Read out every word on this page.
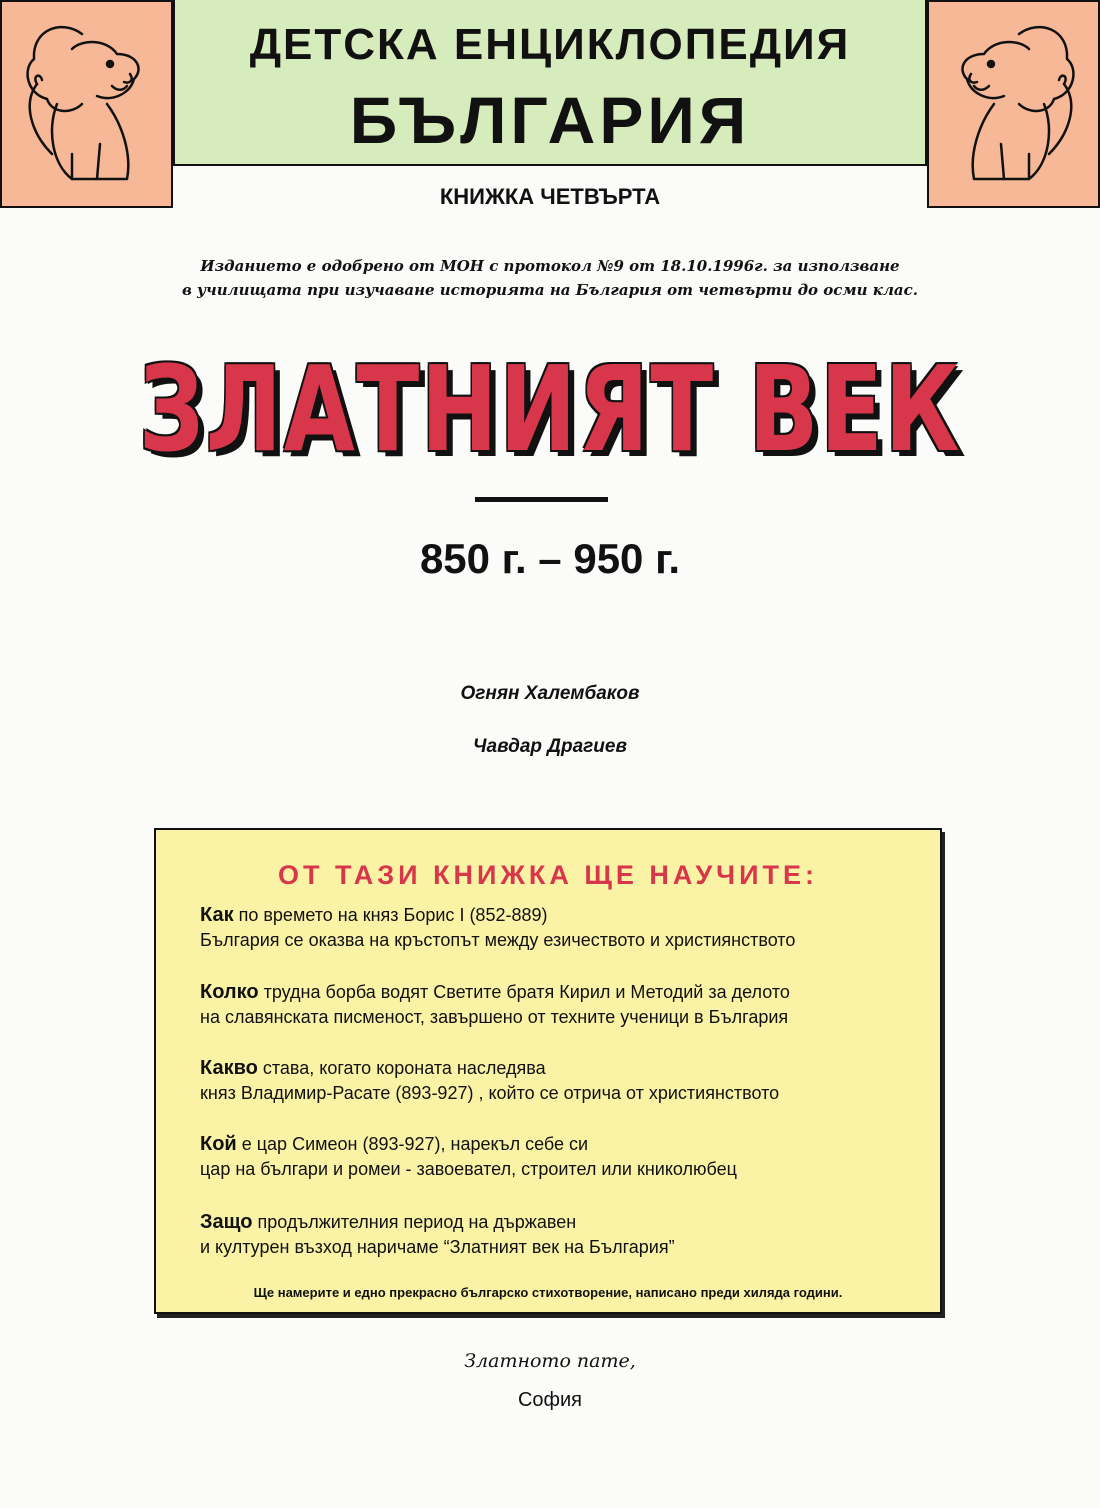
ДЕТСКА ЕНЦИКЛОПЕДИЯ
БЪЛГАРИЯ
КНИЖКА ЧЕТВЪРТА
Изданието е одобрено от МОН с протокол №9 от 18.10.1996г. за използване
в училищата при изучаване историята на България от четвърти до осми клас.
ЗЛАТНИЯТ ВЕК
850 г. – 950 г.
Огнян Халембаков
Чавдар Драгиев
ОТ ТАЗИ КНИЖКА ЩЕ НАУЧИТЕ:
Как по времето на княз Борис I (852-889)
България се оказва на кръстопът между езичеството и християнството
Колко трудна борба водят Светите братя Кирил и Методий за делото
на славянската писменост, завършено от техните ученици в България
Какво става, когато короната наследява
княз Владимир-Расате (893-927) , който се отрича от християнството
Кой е цар Симеон (893-927), нарекъл себе си
цар на българи и ромеи - завоевател, строител или книколюбец
Защо продължителния период на държавен
и културен възход наричаме “Златният век на България”
Ще намерите и едно прекрасно българско стихотворение, написано преди хиляда години.
Златното пате,
София
